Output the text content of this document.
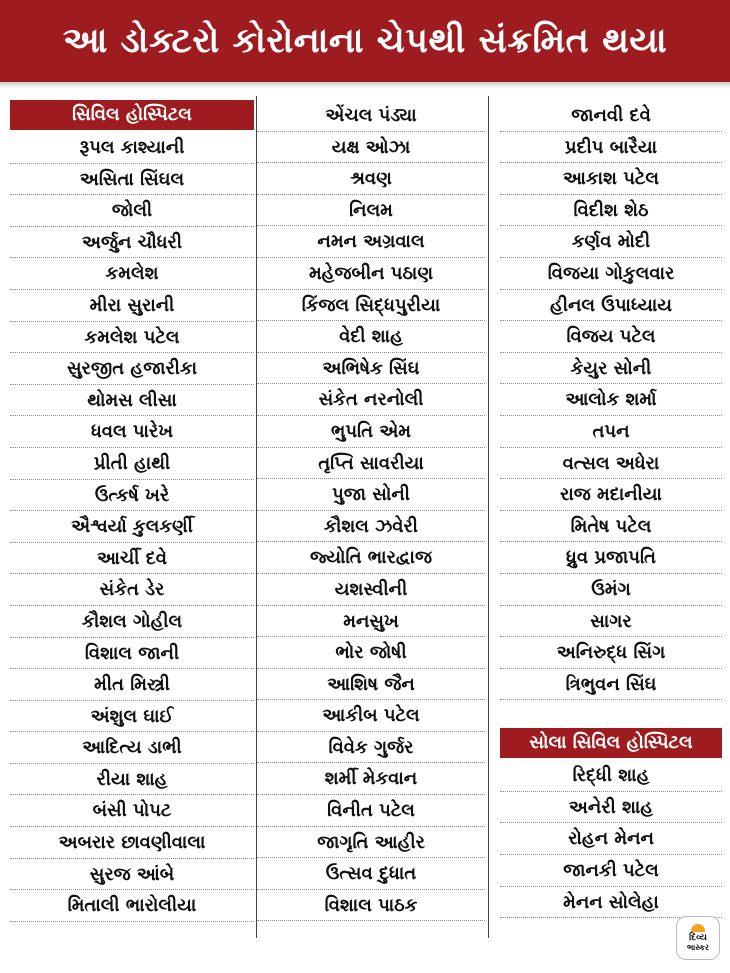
આ ડોક્ટરો કોરોનાના ચેપથી સંક્રમિત થયા
સિવિલ હોસ્પિટલ
રૂપલ કાશ્યાની
અસિતા સિંઘલ
જોલી
અર્જુન ચૌધરી
કમલેશ
મીરા સુરાની
કમલેશ પટેલ
સુરજીત હજારીકા
થોમસ લીસા
ધવલ પારેખ
પ્રીતી હાથી
ઉત્કર્ષ ખરે
ઐશ્વર્યા કુલકર્ણી
આર્ચી દવે
સંકેત ડેર
કૌશલ ગોહીલ
વિશાલ જાની
મીત મિસ્ત્રી
અંશુલ ઘાઈ
આદિત્ય ડાભી
રીયા શાહ
બંસી પોપટ
અબરાર છાવણીવાલા
સુરજ આંબે
મિતાલી ભારોલીયા
એંચલ પંડ્યા
યક્ષ ઓઝા
શ્રવણ
નિલમ
નમન અગ્રવાલ
મહેજબીન પઠાણ
કિંજલ સિદ્ધપુરીયા
વેદી શાહ
અભિષેક સિંઘ
સંકેત નરનોલી
ભુપતિ એમ
તૃપ્તિ સાવરીયા
પુજા સોની
કૌશલ ઝવેરી
જ્યોતિ ભારદ્વાજ
યશસ્વીની
મનસુખ
ભોર જોષી
આશિષ જૈન
આકીબ પટેલ
વિવેક ગુર્જર
શર્મી મેકવાન
વિનીત પટેલ
જાગૃતિ આહીર
ઉત્સવ દુધાત
વિશાલ પાઠક
જાનવી દવે
પ્રદીપ બારૈયા
આકાશ પટેલ
વિદીશ શેઠ
કર્ણવ મોદી
વિજયા ગોકુલવાર
હીનલ ઉપાધ્યાય
વિજય પટેલ
કેયુર સોની
આલોક શર્મા
તપન
વત્સલ અધેરા
રાજ મદાનીયા
મિતેષ પટેલ
ધ્રુવ પ્રજાપતિ
ઉમંગ
સાગર
અનિરુદ્ધ સિંગ
ત્રિભુવન સિંઘ
સોલા સિવિલ હોસ્પિટલ
રિદ્ધી શાહ
અનેરી શાહ
રોહન મેનન
જાનકી પટેલ
મેનન સોલેહા
દિવ્ય
ભાસ્કર
